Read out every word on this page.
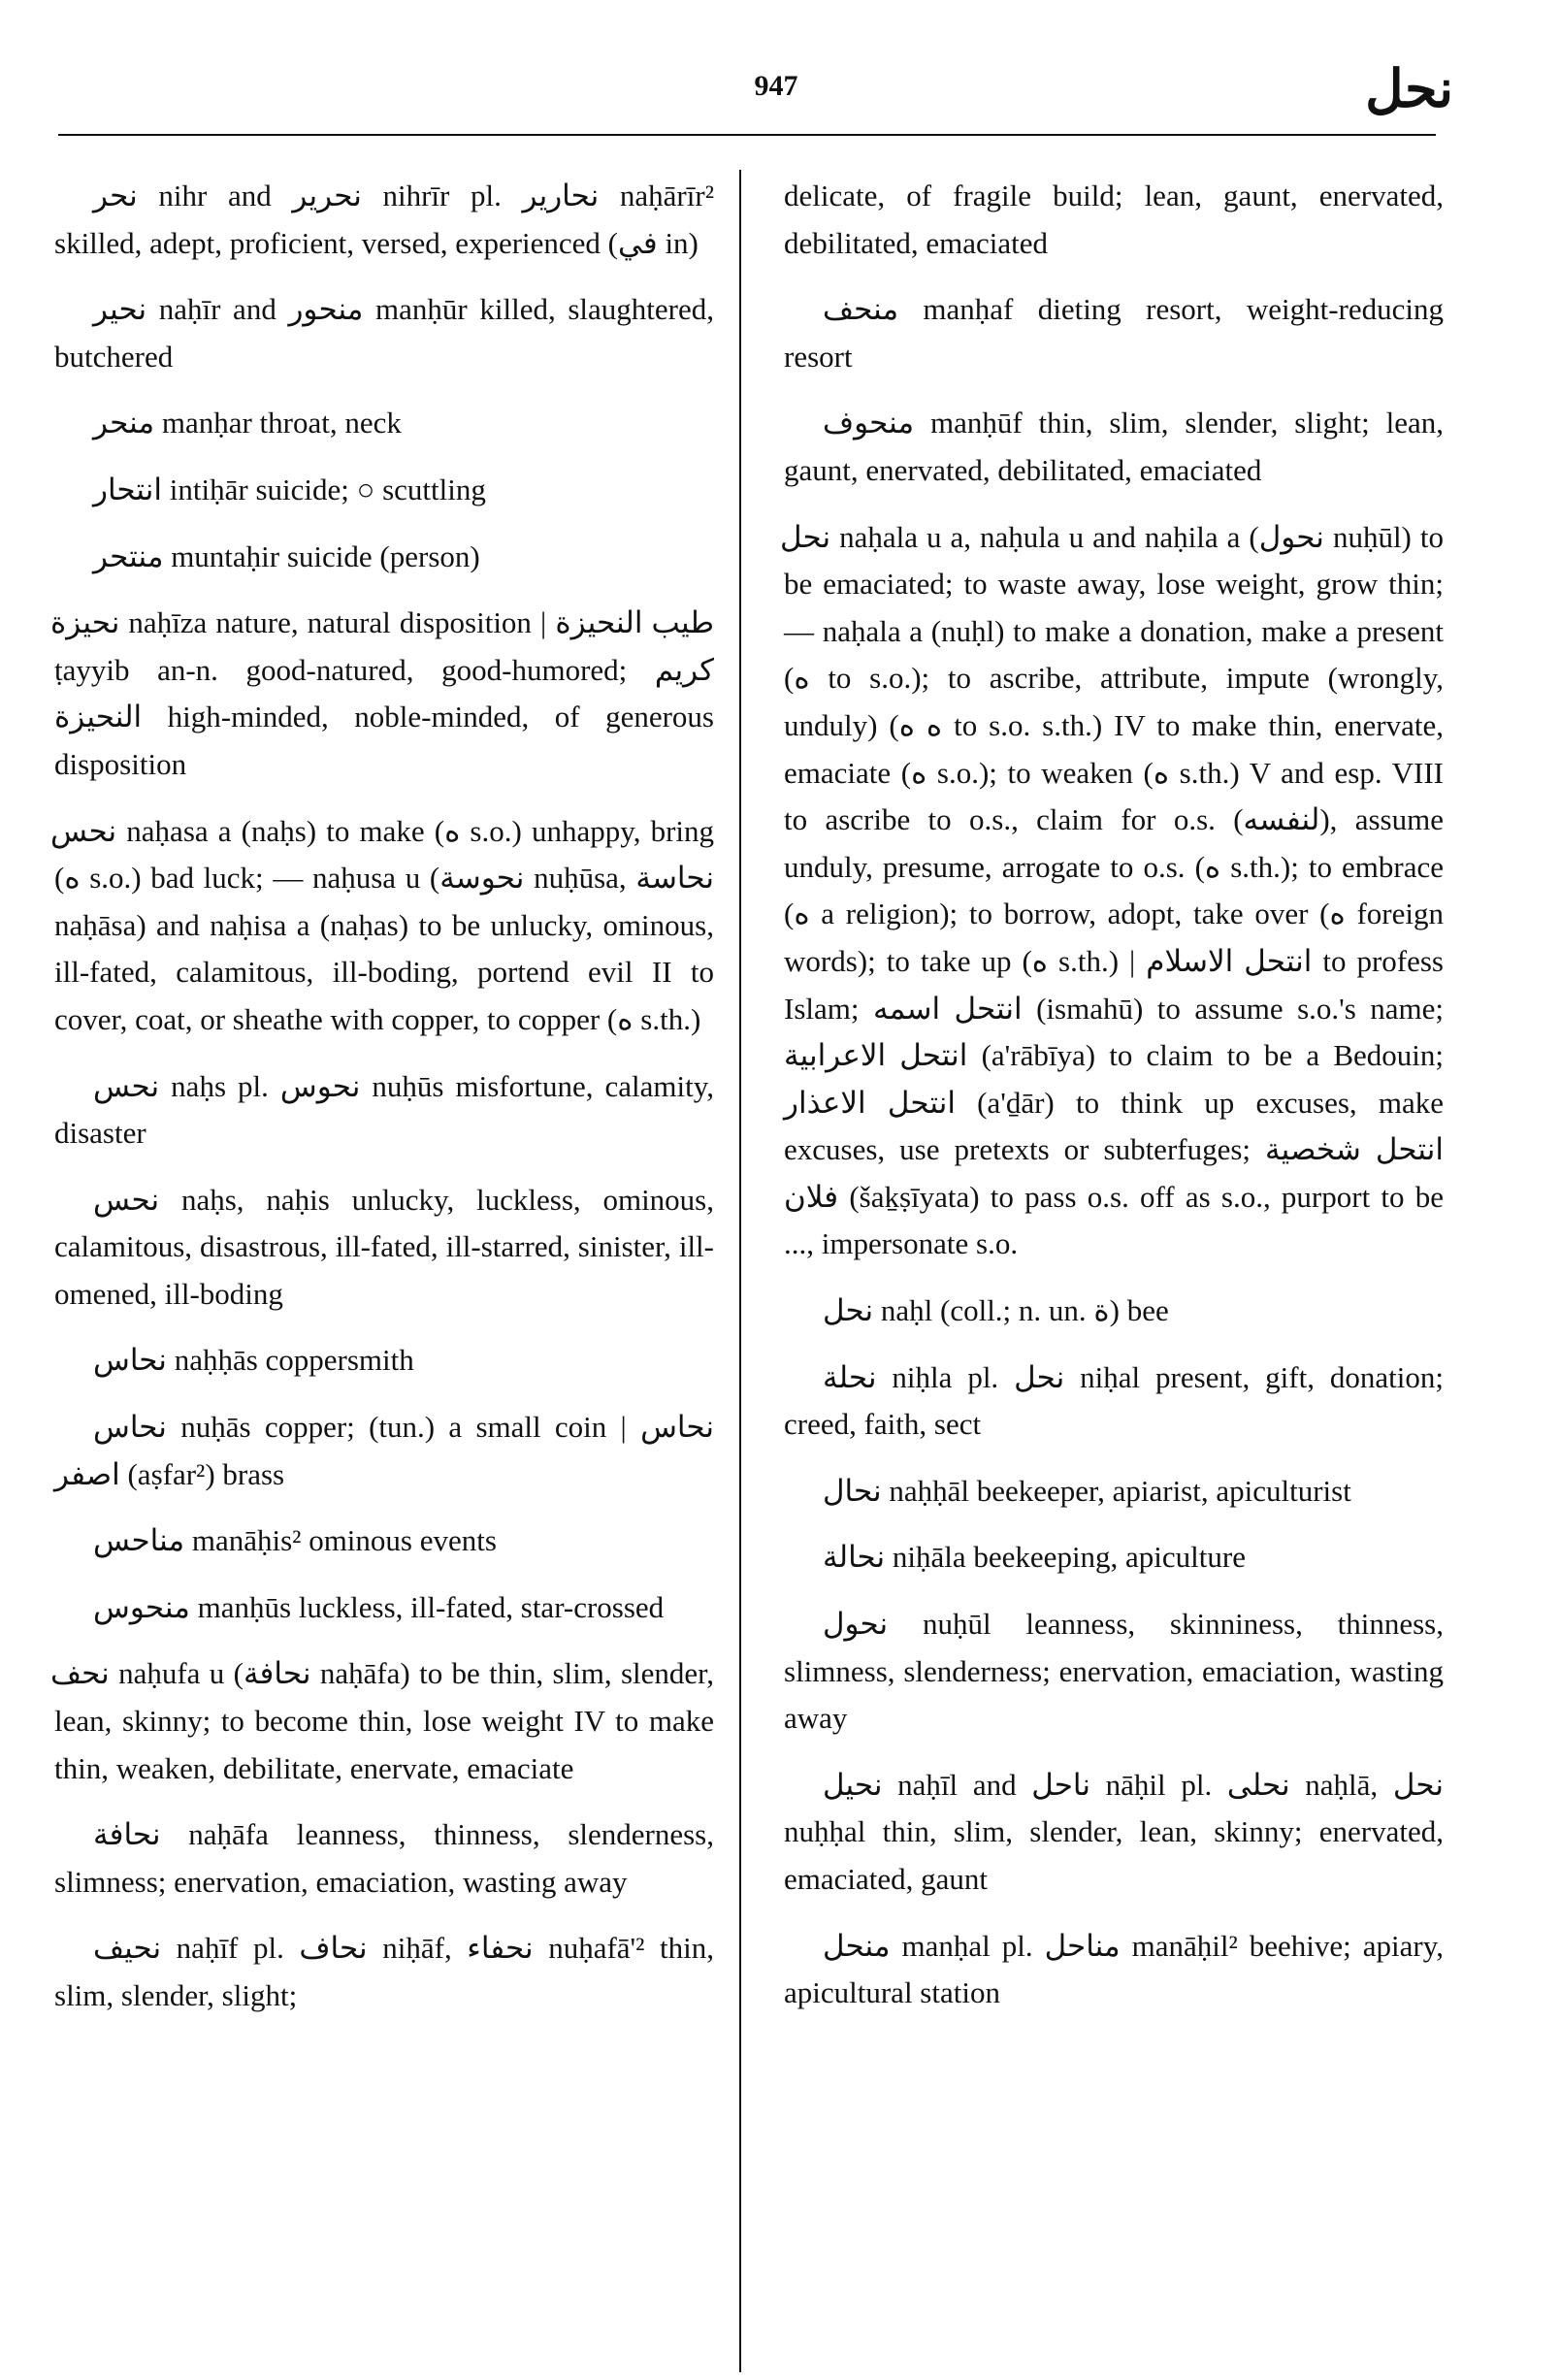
947	نحل

نحر nihr and نحرير nihrīr pl. نحارير naḥārīr² skilled, adept, proficient, versed, experienced (في in)

نحير naḥīr and منحور manḥūr killed, slaughtered, butchered

منحر manḥar throat, neck

انتحار intiḥār suicide; ○ scuttling

منتحر muntaḥir suicide (person)

نحيزة naḥīza nature, natural disposition | طيب النحيزة ṭayyib an-n. good-natured, good-humored; كريم النحيزة high-minded, noble-minded, of generous disposition

نحس naḥasa a (naḥs) to make (ه s.o.) unhappy, bring (ه s.o.) bad luck; — naḥusa u (نحوسة nuḥūsa, نحاسة naḥāsa) and naḥisa a (naḥas) to be unlucky, ominous, ill-fated, calamitous, ill-boding, portend evil II to cover, coat, or sheathe with copper, to copper (ه s.th.)

نحس naḥs pl. نحوس nuḥūs misfortune, calamity, disaster

نحس naḥs, naḥis unlucky, luckless, ominous, calamitous, disastrous, ill-fated, ill-starred, sinister, ill-omened, ill-boding

نحاس naḥḥās coppersmith

نحاس nuḥās copper; (tun.) a small coin | نحاس اصفر (aṣfar²) brass

مناحس manāḥis² ominous events

منحوس manḥūs luckless, ill-fated, star-crossed

نحف naḥufa u (نحافة naḥāfa) to be thin, slim, slender, lean, skinny; to become thin, lose weight IV to make thin, weaken, debilitate, enervate, emaciate

نحافة naḥāfa leanness, thinness, slenderness, slimness; enervation, emaciation, wasting away

نحيف naḥīf pl. نحاف niḥāf, نحفاء nuḥafā'² thin, slim, slender, slight;

delicate, of fragile build; lean, gaunt, enervated, debilitated, emaciated

منحف manḥaf dieting resort, weight-reducing resort

منحوف manḥūf thin, slim, slender, slight; lean, gaunt, enervated, debilitated, emaciated

نحل naḥala u a, naḥula u and naḥila a (نحول nuḥūl) to be emaciated; to waste away, lose weight, grow thin; — naḥala a (nuḥl) to make a donation, make a present (ه to s.o.); to ascribe, attribute, impute (wrongly, unduly) (ه ه to s.o. s.th.) IV to make thin, enervate, emaciate (ه s.o.); to weaken (ه s.th.) V and esp. VIII to ascribe to o.s., claim for o.s. (لنفسه), assume unduly, presume, arrogate to o.s. (ه s.th.); to embrace (ه a religion); to borrow, adopt, take over (ه foreign words); to take up (ه s.th.) | انتحل الاسلام to profess Islam; انتحل اسمه (ismahū) to assume s.o.'s name; انتحل الاعرابية (a'rābīya) to claim to be a Bedouin; انتحل الاعذار (a'ḏār) to think up excuses, make excuses, use pretexts or subterfuges; انتحل شخصية فلان (šaḵṣīyata) to pass o.s. off as s.o., purport to be ..., impersonate s.o.

نحل naḥl (coll.; n. un. ة) bee

نحلة niḥla pl. نحل niḥal present, gift, donation; creed, faith, sect

نحال naḥḥāl beekeeper, apiarist, apiculturist

نحالة niḥāla beekeeping, apiculture

نحول nuḥūl leanness, skinniness, thinness, slimness, slenderness; enervation, emaciation, wasting away

نحيل naḥīl and ناحل nāḥil pl. نحلى naḥlā, نحل nuḥḥal thin, slim, slender, lean, skinny; enervated, emaciated, gaunt

منحل manḥal pl. مناحل manāḥil² beehive; apiary, apicultural station
